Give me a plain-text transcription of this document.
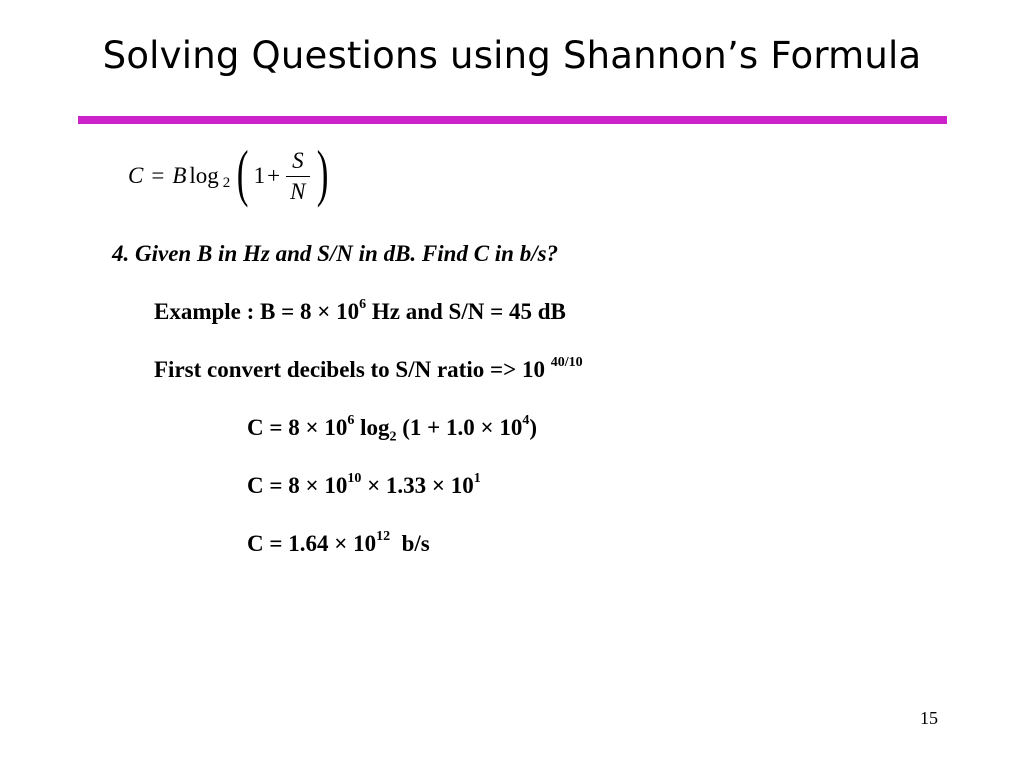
Solving Questions using Shannon’s Formula
C = B log 2 ( $1 + \frac{S}{N}$ )
4. Given B in Hz and S/N in dB. Find C in b/s?
Example : $B = 8 \times 10^6$ Hz and S/N = 45 dB
First convert decibels to S/N ratio => 10 $^{40/10}$
$C = 8 \times 10^6$ $\log_2 (1 + 1.0 \times 10^4)$
$C = 8 \times 10^{10} \times 1.33 \times 10^1$
$C = 1.64 \times 10^{12}$  b/s
15
